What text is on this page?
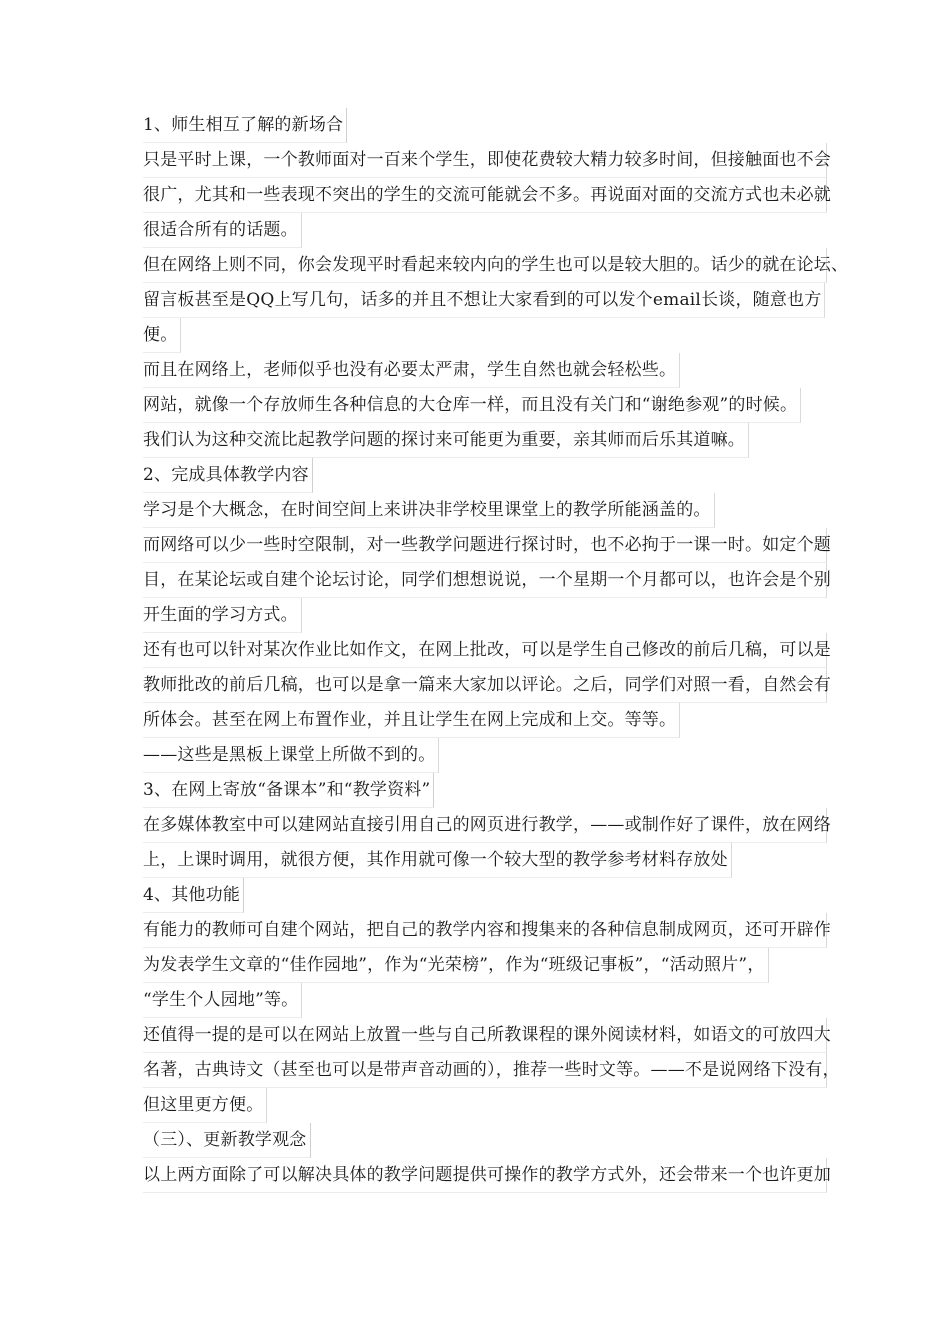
1、师生相互了解的新场合
只是平时上课，一个教师面对一百来个学生，即使花费较大精力较多时间，但接触面也不会
很广，尤其和一些表现不突出的学生的交流可能就会不多。再说面对面的交流方式也未必就
很适合所有的话题。
但在网络上则不同，你会发现平时看起来较内向的学生也可以是较大胆的。话少的就在论坛、
留言板甚至是QQ上写几句，话多的并且不想让大家看到的可以发个email长谈，随意也方
便。
而且在网络上，老师似乎也没有必要太严肃，学生自然也就会轻松些。
网站，就像一个存放师生各种信息的大仓库一样，而且没有关门和“谢绝参观”的时候。
我们认为这种交流比起教学问题的探讨来可能更为重要，亲其师而后乐其道嘛。
2、完成具体教学内容
学习是个大概念，在时间空间上来讲决非学校里课堂上的教学所能涵盖的。
而网络可以少一些时空限制，对一些教学问题进行探讨时，也不必拘于一课一时。如定个题
目，在某论坛或自建个论坛讨论，同学们想想说说，一个星期一个月都可以，也许会是个别
开生面的学习方式。
还有也可以针对某次作业比如作文，在网上批改，可以是学生自己修改的前后几稿，可以是
教师批改的前后几稿，也可以是拿一篇来大家加以评论。之后，同学们对照一看，自然会有
所体会。甚至在网上布置作业，并且让学生在网上完成和上交。等等。
——这些是黑板上课堂上所做不到的。
3、在网上寄放“备课本”和“教学资料”
在多媒体教室中可以建网站直接引用自己的网页进行教学，——或制作好了课件，放在网络
上，上课时调用，就很方便，其作用就可像一个较大型的教学参考材料存放处
4、其他功能
有能力的教师可自建个网站，把自己的教学内容和搜集来的各种信息制成网页，还可开辟作
为发表学生文章的“佳作园地”，作为“光荣榜”，作为“班级记事板”，“活动照片”，
“学生个人园地”等。
还值得一提的是可以在网站上放置一些与自己所教课程的课外阅读材料，如语文的可放四大
名著，古典诗文（甚至也可以是带声音动画的），推荐一些时文等。——不是说网络下没有，
但这里更方便。
（三）、更新教学观念
以上两方面除了可以解决具体的教学问题提供可操作的教学方式外，还会带来一个也许更加
